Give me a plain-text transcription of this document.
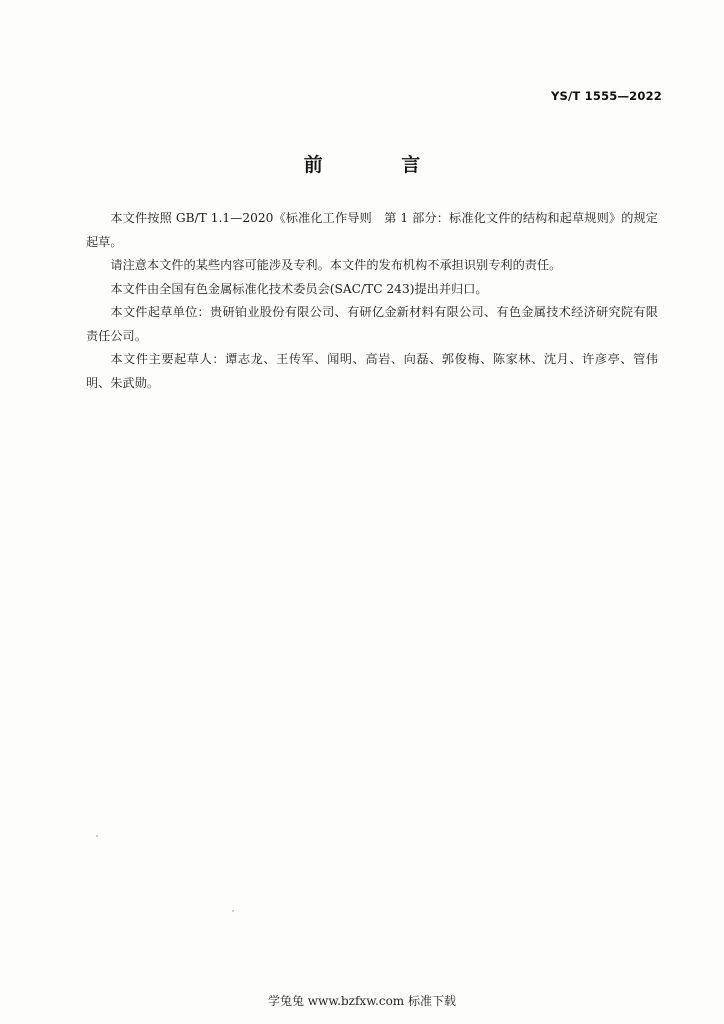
YS/T 1555—2022
前 言

本文件按照 GB/T 1.1—2020《标准化工作导则　第 1 部分：标准化文件的结构和起草规则》的规定起草。

请注意本文件的某些内容可能涉及专利。本文件的发布机构不承担识别专利的责任。

本文件由全国有色金属标准化技术委员会(SAC/TC 243)提出并归口。

本文件起草单位：贵研铂业股份有限公司、有研亿金新材料有限公司、有色金属技术经济研究院有限责任公司。

本文件主要起草人：谭志龙、王传军、闻明、高岩、向磊、郭俊梅、陈家林、沈月、许彦亭、管伟明、朱武勋。

学兔兔 www.bzfxw.com 标准下载
